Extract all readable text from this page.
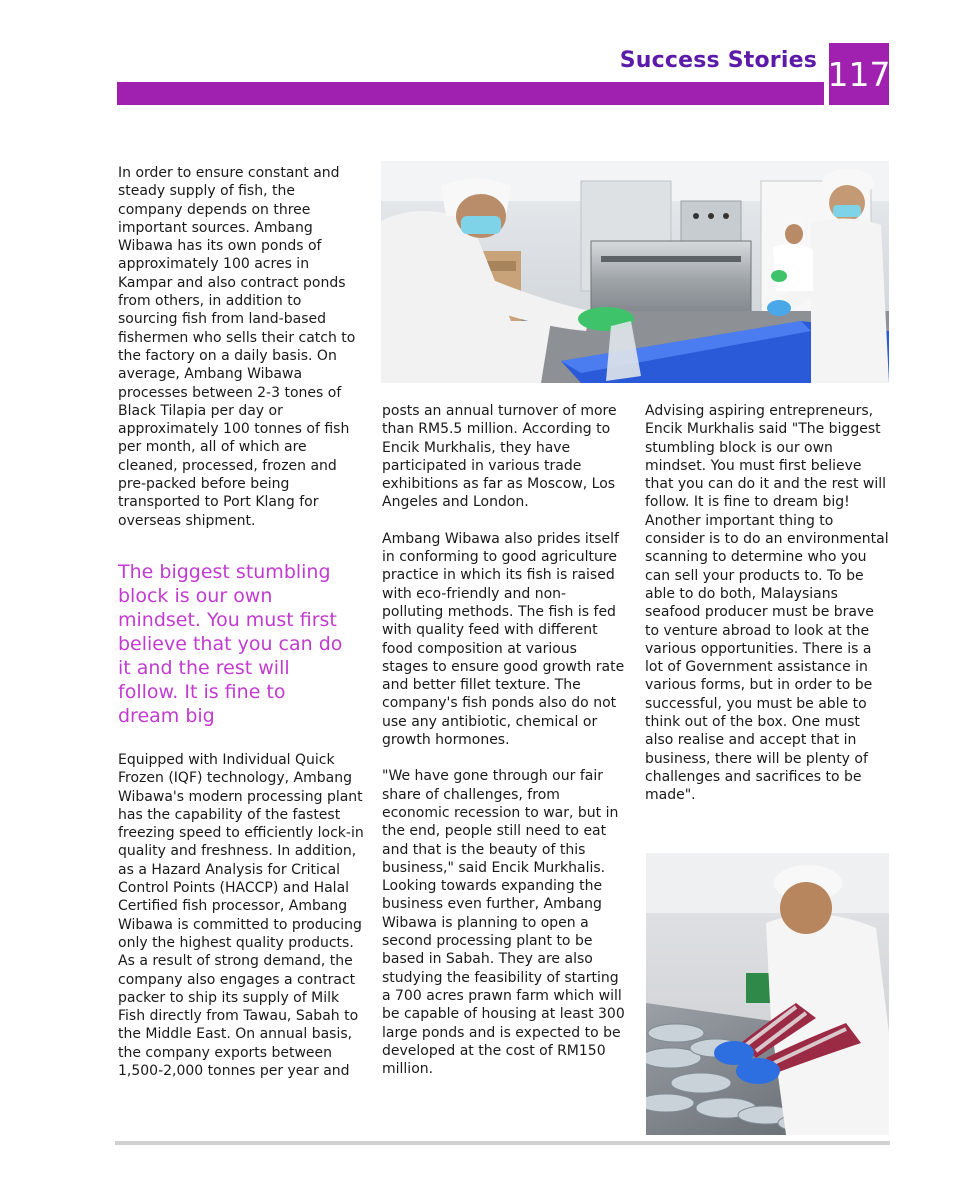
Success Stories 117

In order to ensure constant and steady supply of fish, the company depends on three important sources. Ambang Wibawa has its own ponds of approximately 100 acres in Kampar and also contract ponds from others, in addition to sourcing fish from land-based fishermen who sells their catch to the factory on a daily basis. On average, Ambang Wibawa processes between 2-3 tones of Black Tilapia per day or approximately 100 tonnes of fish per month, all of which are cleaned, processed, frozen and pre-packed before being transported to Port Klang for overseas shipment.

The biggest stumbling block is our own mindset. You must first believe that you can do it and the rest will follow. It is fine to dream big

Equipped with Individual Quick Frozen (IQF) technology, Ambang Wibawa's modern processing plant has the capability of the fastest freezing speed to efficiently lock-in quality and freshness. In addition, as a Hazard Analysis for Critical Control Points (HACCP) and Halal Certified fish processor, Ambang Wibawa is committed to producing only the highest quality products. As a result of strong demand, the company also engages a contract packer to ship its supply of Milk Fish directly from Tawau, Sabah to the Middle East. On annual basis, the company exports between 1,500-2,000 tonnes per year and

posts an annual turnover of more than RM5.5 million. According to Encik Murkhalis, they have participated in various trade exhibitions as far as Moscow, Los Angeles and London.

Ambang Wibawa also prides itself in conforming to good agriculture practice in which its fish is raised with eco-friendly and non-polluting methods. The fish is fed with quality feed with different food composition at various stages to ensure good growth rate and better fillet texture. The company's fish ponds also do not use any antibiotic, chemical or growth hormones.

"We have gone through our fair share of challenges, from economic recession to war, but in the end, people still need to eat and that is the beauty of this business," said Encik Murkhalis. Looking towards expanding the business even further, Ambang Wibawa is planning to open a second processing plant to be based in Sabah. They are also studying the feasibility of starting a 700 acres prawn farm which will be capable of housing at least 300 large ponds and is expected to be developed at the cost of RM150 million.

Advising aspiring entrepreneurs, Encik Murkhalis said "The biggest stumbling block is our own mindset. You must first believe that you can do it and the rest will follow. It is fine to dream big! Another important thing to consider is to do an environmental scanning to determine who you can sell your products to. To be able to do both, Malaysians seafood producer must be brave to venture abroad to look at the various opportunities. There is a lot of Government assistance in various forms, but in order to be successful, you must be able to think out of the box. One must also realise and accept that in business, there will be plenty of challenges and sacrifices to be made".
